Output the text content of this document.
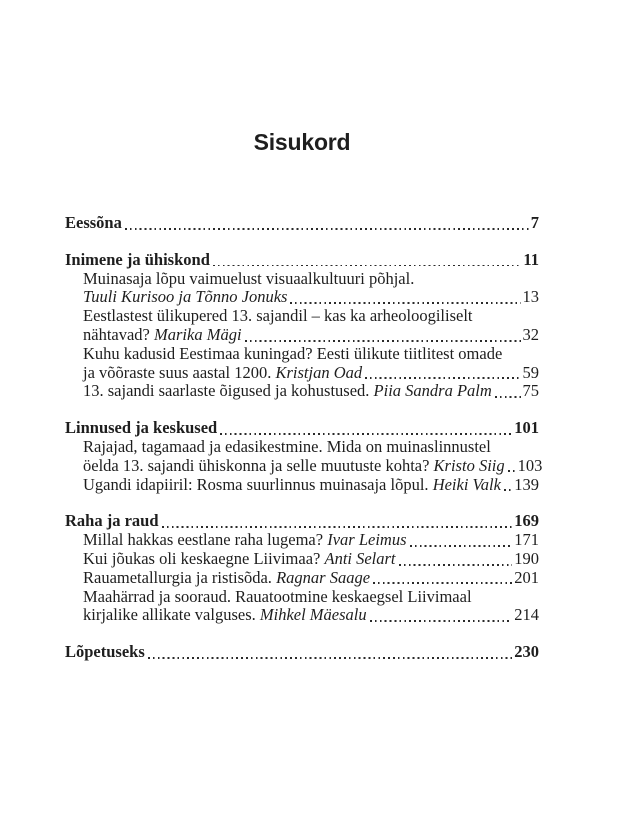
Sisukord
Eessõna	7
Inimene ja ühiskond	11
Muinasaja lõpu vaimuelust visuaalkultuuri põhjal.
Tuuli Kurisoo ja Tõnno Jonuks	13
Eestlastest ülikupered 13. sajandil – kas ka arheoloogiliselt
nähtavad? Marika Mägi	32
Kuhu kadusid Eestimaa kuningad? Eesti ülikute tiitlitest omade
ja võõraste suus aastal 1200. Kristjan Oad	59
13. sajandi saarlaste õigused ja kohustused. Piia Sandra Palm 75
Linnused ja keskused	101
Rajajad, tagamaad ja edasikestmine. Mida on muinaslinnustel
öelda 13. sajandi ühiskonna ja selle muutuste kohta? Kristo Siig 103
Ugandi idapiiril: Rosma suurlinnus muinasaja lõpul. Heiki Valk 139
Raha ja raud	169
Millal hakkas eestlane raha lugema? Ivar Leimus	171
Kui jõukas oli keskaegne Liivimaa? Anti Selart	190
Rauametallurgia ja ristisõda. Ragnar Saage	201
Maahärrad ja sooraud. Rauatootmine keskaegsel Liivimaal
kirjalike allikate valguses. Mihkel Mäesalu	214
Lõpetuseks	230
